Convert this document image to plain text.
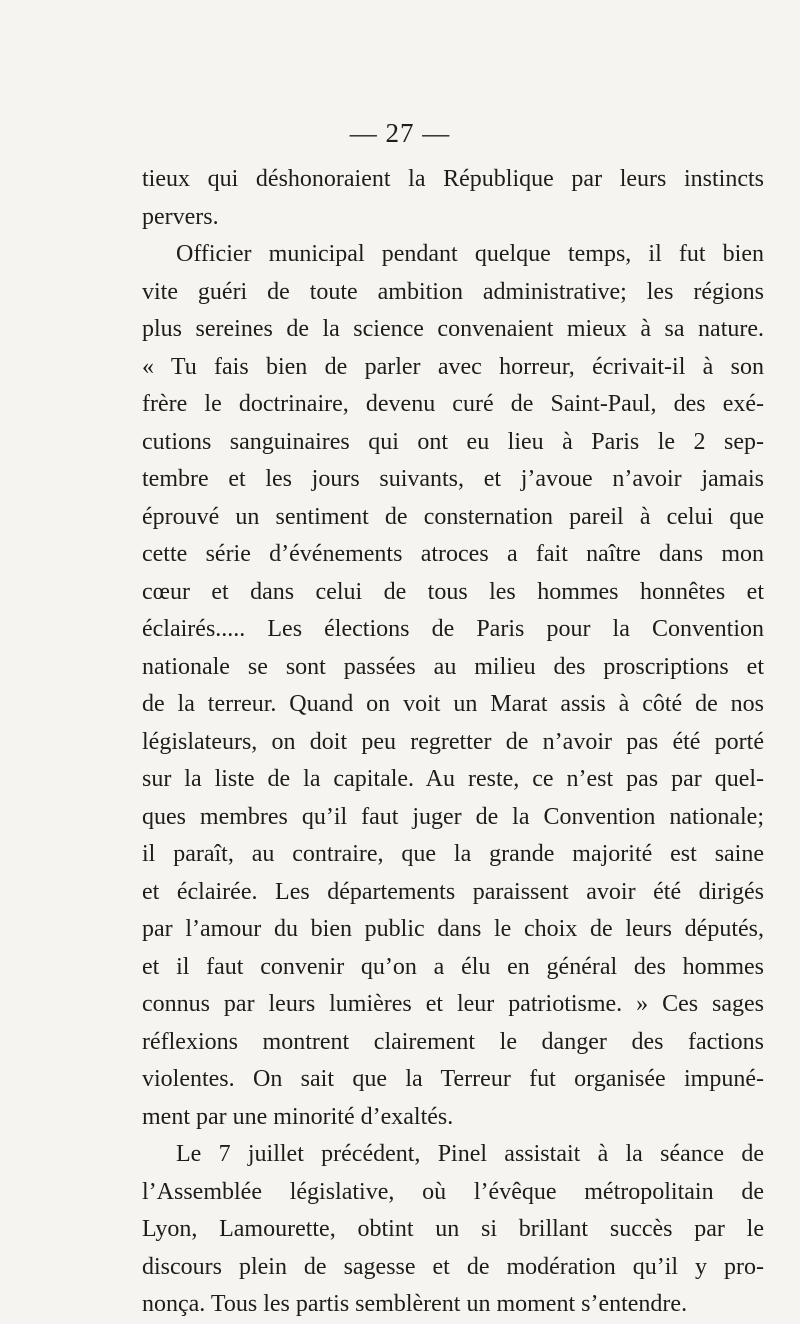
— 27 —
tieux qui déshonoraient la République par leurs instincts
pervers.
Officier municipal pendant quelque temps, il fut bien
vite guéri de toute ambition administrative; les régions
plus sereines de la science convenaient mieux à sa nature.
« Tu fais bien de parler avec horreur, écrivait-il à son
frère le doctrinaire, devenu curé de Saint-Paul, des exé-
cutions sanguinaires qui ont eu lieu à Paris le 2 sep-
tembre et les jours suivants, et j’avoue n’avoir jamais
éprouvé un sentiment de consternation pareil à celui que
cette série d’événements atroces a fait naître dans mon
cœur et dans celui de tous les hommes honnêtes et
éclairés..... Les élections de Paris pour la Convention
nationale se sont passées au milieu des proscriptions et
de la terreur. Quand on voit un Marat assis à côté de nos
législateurs, on doit peu regretter de n’avoir pas été porté
sur la liste de la capitale. Au reste, ce n’est pas par quel-
ques membres qu’il faut juger de la Convention nationale;
il paraît, au contraire, que la grande majorité est saine
et éclairée. Les départements paraissent avoir été dirigés
par l’amour du bien public dans le choix de leurs députés,
et il faut convenir qu’on a élu en général des hommes
connus par leurs lumières et leur patriotisme. » Ces sages
réflexions montrent clairement le danger des factions
violentes. On sait que la Terreur fut organisée impuné-
ment par une minorité d’exaltés.
Le 7 juillet précédent, Pinel assistait à la séance de
l’Assemblée législative, où l’évêque métropolitain de
Lyon, Lamourette, obtint un si brillant succès par le
discours plein de sagesse et de modération qu’il y pro-
nonça. Tous les partis semblèrent un moment s’entendre.
